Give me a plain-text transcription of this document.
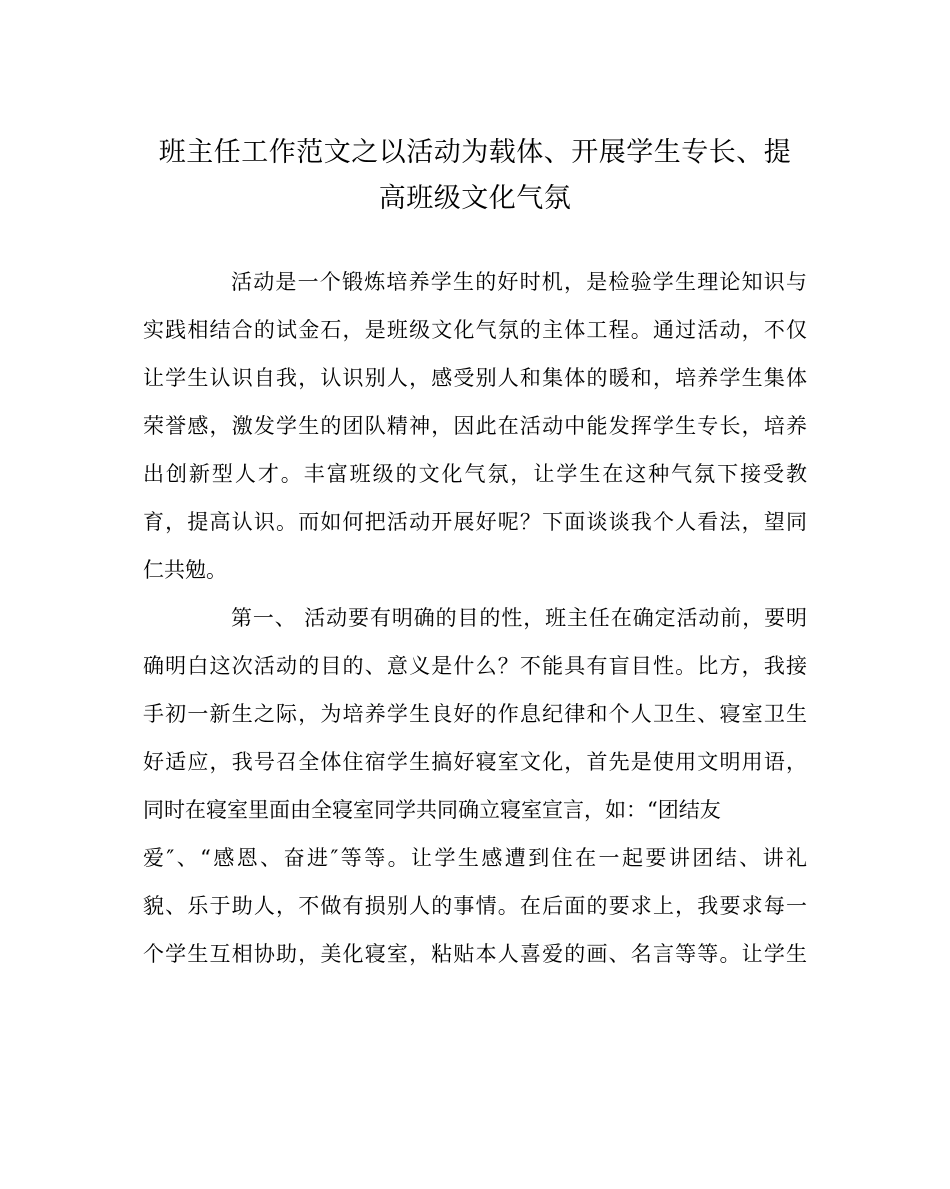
班主任工作范文之以活动为载体、开展学生专长、提
高班级文化气氛
活动是一个锻炼培养学生的好时机，是检验学生理论知识与
实践相结合的试金石，是班级文化气氛的主体工程。通过活动，不仅
让学生认识自我，认识别人，感受别人和集体的暖和，培养学生集体
荣誉感，激发学生的团队精神，因此在活动中能发挥学生专长，培养
出创新型人才。丰富班级的文化气氛，让学生在这种气氛下接受教
育，提高认识。而如何把活动开展好呢？下面谈谈我个人看法，望同
仁共勉。
第一、 活动要有明确的目的性，班主任在确定活动前，要明
确明白这次活动的目的、意义是什么？不能具有盲目性。比方，我接
手初一新生之际，为培养学生良好的作息纪律和个人卫生、寝室卫生
好适应，我号召全体住宿学生搞好寝室文化，首先是使用文明用语，
同时在寝室里面由全寝室同学共同确立寝室宣言，如：“团结友
爱″、“感恩、奋进″等等。让学生感遭到住在一起要讲团结、讲礼
貌、乐于助人，不做有损别人的事情。在后面的要求上，我要求每一
个学生互相协助，美化寝室，粘贴本人喜爱的画、名言等等。让学生
